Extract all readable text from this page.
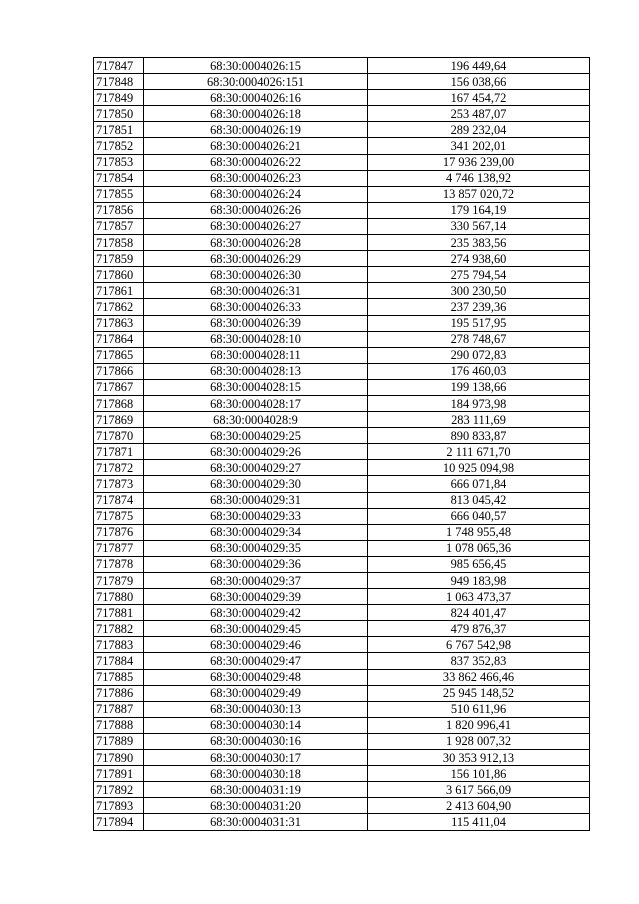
717847	68:30:0004026:15	196 449,64
717848	68:30:0004026:151	156 038,66
717849	68:30:0004026:16	167 454,72
717850	68:30:0004026:18	253 487,07
717851	68:30:0004026:19	289 232,04
717852	68:30:0004026:21	341 202,01
717853	68:30:0004026:22	17 936 239,00
717854	68:30:0004026:23	4 746 138,92
717855	68:30:0004026:24	13 857 020,72
717856	68:30:0004026:26	179 164,19
717857	68:30:0004026:27	330 567,14
717858	68:30:0004026:28	235 383,56
717859	68:30:0004026:29	274 938,60
717860	68:30:0004026:30	275 794,54
717861	68:30:0004026:31	300 230,50
717862	68:30:0004026:33	237 239,36
717863	68:30:0004026:39	195 517,95
717864	68:30:0004028:10	278 748,67
717865	68:30:0004028:11	290 072,83
717866	68:30:0004028:13	176 460,03
717867	68:30:0004028:15	199 138,66
717868	68:30:0004028:17	184 973,98
717869	68:30:0004028:9	283 111,69
717870	68:30:0004029:25	890 833,87
717871	68:30:0004029:26	2 111 671,70
717872	68:30:0004029:27	10 925 094,98
717873	68:30:0004029:30	666 071,84
717874	68:30:0004029:31	813 045,42
717875	68:30:0004029:33	666 040,57
717876	68:30:0004029:34	1 748 955,48
717877	68:30:0004029:35	1 078 065,36
717878	68:30:0004029:36	985 656,45
717879	68:30:0004029:37	949 183,98
717880	68:30:0004029:39	1 063 473,37
717881	68:30:0004029:42	824 401,47
717882	68:30:0004029:45	479 876,37
717883	68:30:0004029:46	6 767 542,98
717884	68:30:0004029:47	837 352,83
717885	68:30:0004029:48	33 862 466,46
717886	68:30:0004029:49	25 945 148,52
717887	68:30:0004030:13	510 611,96
717888	68:30:0004030:14	1 820 996,41
717889	68:30:0004030:16	1 928 007,32
717890	68:30:0004030:17	30 353 912,13
717891	68:30:0004030:18	156 101,86
717892	68:30:0004031:19	3 617 566,09
717893	68:30:0004031:20	2 413 604,90
717894	68:30:0004031:31	115 411,04
